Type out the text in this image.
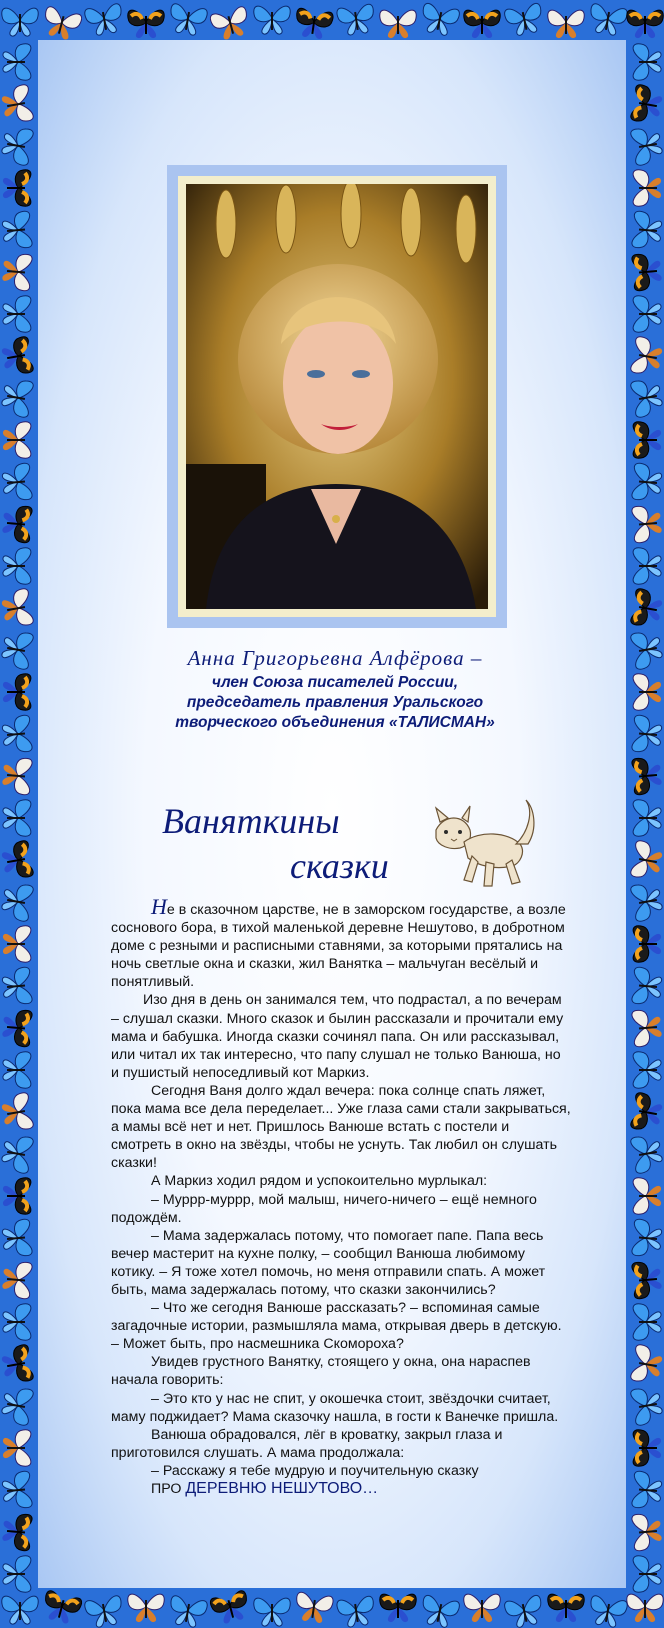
Анна Григорьевна Алфёрова –
член Союза писателей России,
председатель правления Уральского
творческого объединения «ТАЛИСМАН»
Ваняткины
сказки

Не в сказочном царстве, не в заморском государстве, а возле соснового бора, в тихой маленькой деревне Нешутово, в добротном доме с резными и расписными ставнями, за которыми прятались на ночь светлые окна и сказки, жил Ванятка – мальчуган весёлый и понятливый.

Изо дня в день он занимался тем, что подрастал, а по вечерам – слушал сказки. Много сказок и былин рассказали и прочитали ему мама и бабушка. Иногда сказки сочинял папа. Он или рассказывал, или читал их так интересно, что папу слушал не только Ванюша, но и пушистый непоседливый кот Маркиз.

Сегодня Ваня долго ждал вечера: пока солнце спать ляжет, пока мама все дела переделает... Уже глаза сами стали закрываться, а мамы всё нет и нет. Пришлось Ванюше встать с постели и смотреть в окно на звёзды, чтобы не уснуть. Так любил он слушать сказки!

А Маркиз ходил рядом и успокоительно мурлыкал:

– Муррр-муррр, мой малыш, ничего-ничего – ещё немного подождём.

– Мама задержалась потому, что помогает папе. Папа весь вечер мастерит на кухне полку, – сообщил Ванюша любимому котику. – Я тоже хотел помочь, но меня отправили спать. А может быть, мама задержалась потому, что сказки закончились?

– Что же сегодня Ванюше рассказать? – вспоминая самые загадочные истории, размышляла мама, открывая дверь в детскую. – Может быть, про насмешника Скомороха?

Увидев грустного Ванятку, стоящего у окна, она нараспев начала говорить:

– Это кто у нас не спит, у окошечка стоит, звёздочки считает, маму поджидает? Мама сказочку нашла, в гости к Ванечке пришла.

Ванюша обрадовался, лёг в кроватку, закрыл глаза и приготовился слушать. А мама продолжала:

– Расскажу я тебе мудрую и поучительную сказку

ПРО ДЕРЕВНЮ НЕШУТОВО…
